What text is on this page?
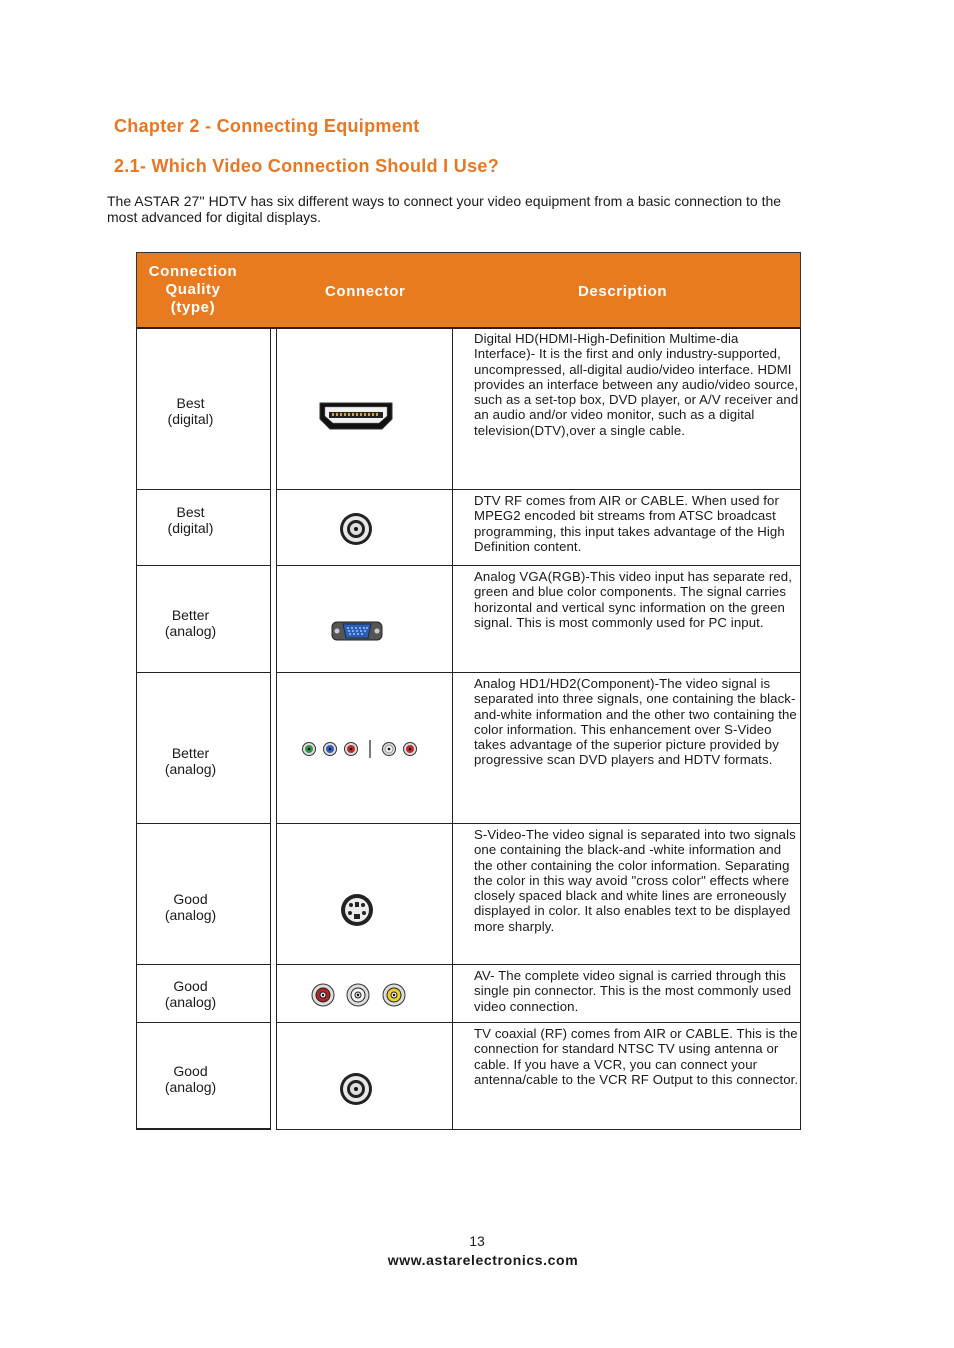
Chapter 2 - Connecting Equipment
2.1- Which Video Connection Should I Use?

The ASTAR 27'' HDTV has six different ways to connect your video equipment from a basic connection to the most advanced for digital displays.

Connection
Quality
(type)
Connector	Description
Best
(digital)
Digital HD(HDMI-High-Definition Multime-dia Interface)- It is the first and only industry-supported, uncompressed, all-digital audio/video interface. HDMI provides an interface between any audio/video source, such as a set-top box, DVD player, or A/V receiver and an audio and/or video monitor, such as a digital television(DTV),over a single cable.
Best
(digital)
DTV RF comes from AIR or CABLE. When used for MPEG2 encoded bit streams from ATSC broadcast programming, this input takes advantage of the High Definition content.
Better
(analog)
Analog VGA(RGB)-This video input has separate red, green and blue color components. The signal carries horizontal and vertical sync information on the green signal. This is most commonly used for PC input.
Better
(analog)
Analog HD1/HD2(Component)-The video signal is separated into three signals, one containing the black-and-white information and the other two containing the color information. This enhancement over S-Video takes advantage of the superior picture provided by progressive scan DVD players and HDTV formats.
Good
(analog)
S-Video-The video signal is separated into two signals one containing the black-and -white information and the other containing the color information. Separating the color in this way avoid "cross color" effects where closely spaced black and white lines are erroneously displayed in color. It also enables text to be displayed more sharply.
Good
(analog)
AV- The complete video signal is carried through this single pin connector. This is the most commonly used video connection.
Good
(analog)
TV coaxial (RF) comes from AIR or CABLE. This is the connection for standard NTSC TV using antenna or cable. If you have a VCR, you can connect your antenna/cable to the VCR RF Output to this connector.
13
www.astarelectronics.com
